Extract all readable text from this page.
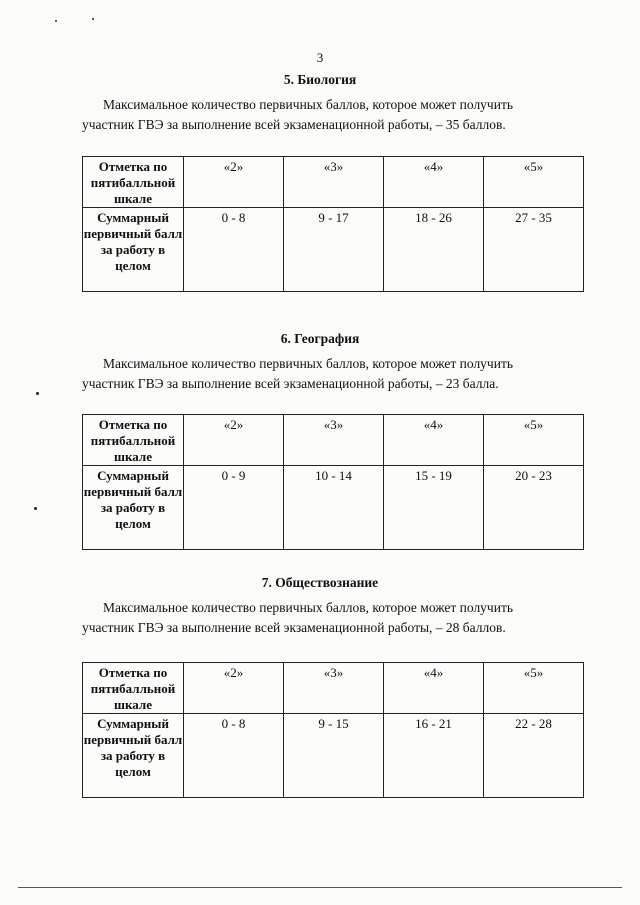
3

5. Биология

Максимальное количество первичных баллов, которое может получить
участник ГВЭ за выполнение всей экзаменационной работы, – 35 баллов.

Отметка по пятибалльной шкале	«2»	«3»	«4»	«5»
Суммарный первичный балл за работу в целом	0 - 8	9 - 17	18 - 26	27 - 35

6. География

Максимальное количество первичных баллов, которое может получить
участник ГВЭ за выполнение всей экзаменационной работы, – 23 балла.

Отметка по пятибалльной шкале	«2»	«3»	«4»	«5»
Суммарный первичный балл за работу в целом	0 - 9	10 - 14	15 - 19	20 - 23

7. Обществознание

Максимальное количество первичных баллов, которое может получить
участник ГВЭ за выполнение всей экзаменационной работы, – 28 баллов.

Отметка по пятибалльной шкале	«2»	«3»	«4»	«5»
Суммарный первичный балл за работу в целом	0 - 8	9 - 15	16 - 21	22 - 28
